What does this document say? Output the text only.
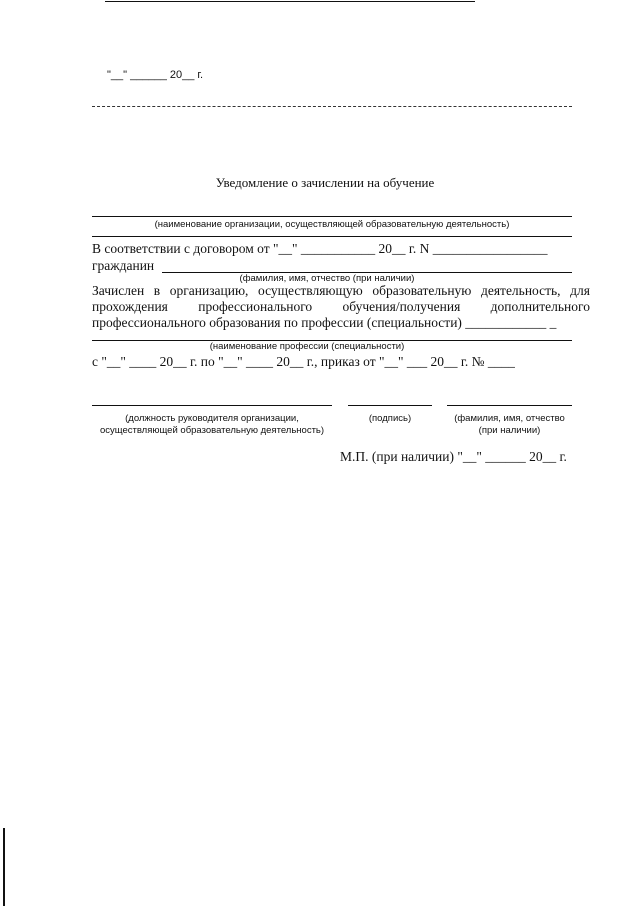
"__" ______ 20__ г.
Уведомление о зачислении на обучение
(наименование организации, осуществляющей образовательную деятельность)
В соответствии с договором от "__" ___________ 20__ г. N _________________
гражданин
(фамилия, имя, отчество (при наличии)
Зачислен в организацию, осуществляющую образовательную деятельность, для
прохождения профессионального обучения/получения дополнительного
профессионального образования по профессии (специальности) ____________ _
(наименование профессии (специальности)
с "__" ____ 20__ г. по "__" ____ 20__ г., приказ от "__" ___ 20__ г. № ____
(должность руководителя организации,
осуществляющей образовательную деятельность)
(подпись)	(фамилия, имя, отчество
(при наличии)
М.П. (при наличии) "__" ______ 20__ г.
